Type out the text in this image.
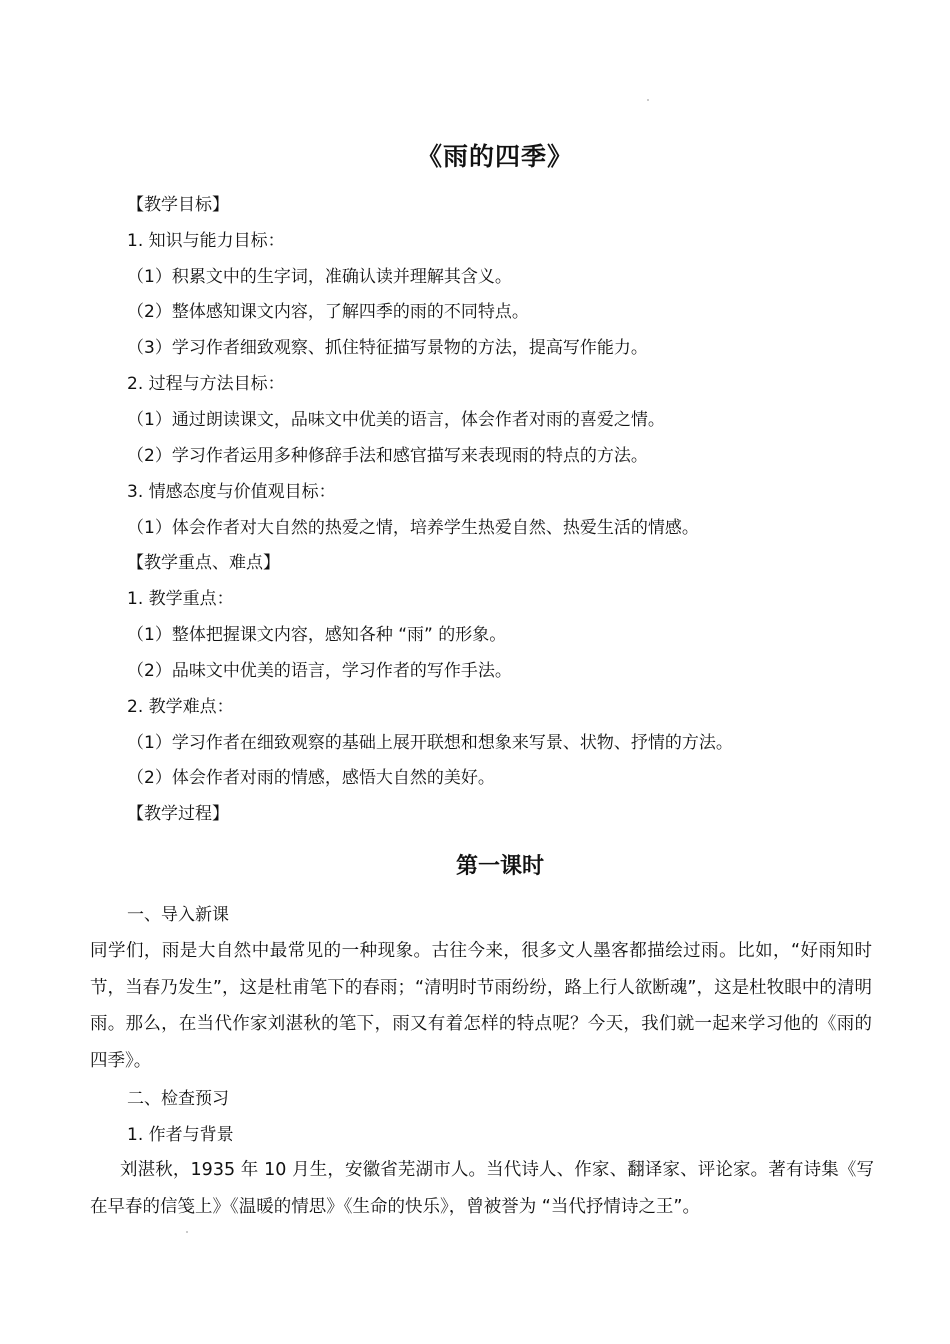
《雨的四季》
【教学目标】
1. 知识与能力目标：
（1）积累文中的生字词，准确认读并理解其含义。
（2）整体感知课文内容，了解四季的雨的不同特点。
（3）学习作者细致观察、抓住特征描写景物的方法，提高写作能力。
2. 过程与方法目标：
（1）通过朗读课文，品味文中优美的语言，体会作者对雨的喜爱之情。
（2）学习作者运用多种修辞手法和感官描写来表现雨的特点的方法。
3. 情感态度与价值观目标：
（1）体会作者对大自然的热爱之情，培养学生热爱自然、热爱生活的情感。
【教学重点、难点】
1. 教学重点：
（1）整体把握课文内容，感知各种 “雨” 的形象。
（2）品味文中优美的语言，学习作者的写作手法。
2. 教学难点：
（1）学习作者在细致观察的基础上展开联想和想象来写景、状物、抒情的方法。
（2）体会作者对雨的情感，感悟大自然的美好。
【教学过程】
第一课时
一、导入新课
同学们，雨是大自然中最常见的一种现象。古往今来，很多文人墨客都描绘过雨。比如，“好雨知时节，当春乃发生”，这是杜甫笔下的春雨；“清明时节雨纷纷，路上行人欲断魂”，这是杜牧眼中的清明雨。那么，在当代作家刘湛秋的笔下，雨又有着怎样的特点呢？今天，我们就一起来学习他的《雨的四季》。
二、检查预习
1. 作者与背景
刘湛秋，1935 年 10 月生，安徽省芜湖市人。当代诗人、作家、翻译家、评论家。著有诗集《写在早春的信笺上》《温暖的情思》《生命的快乐》，曾被誉为 “当代抒情诗之王”。
